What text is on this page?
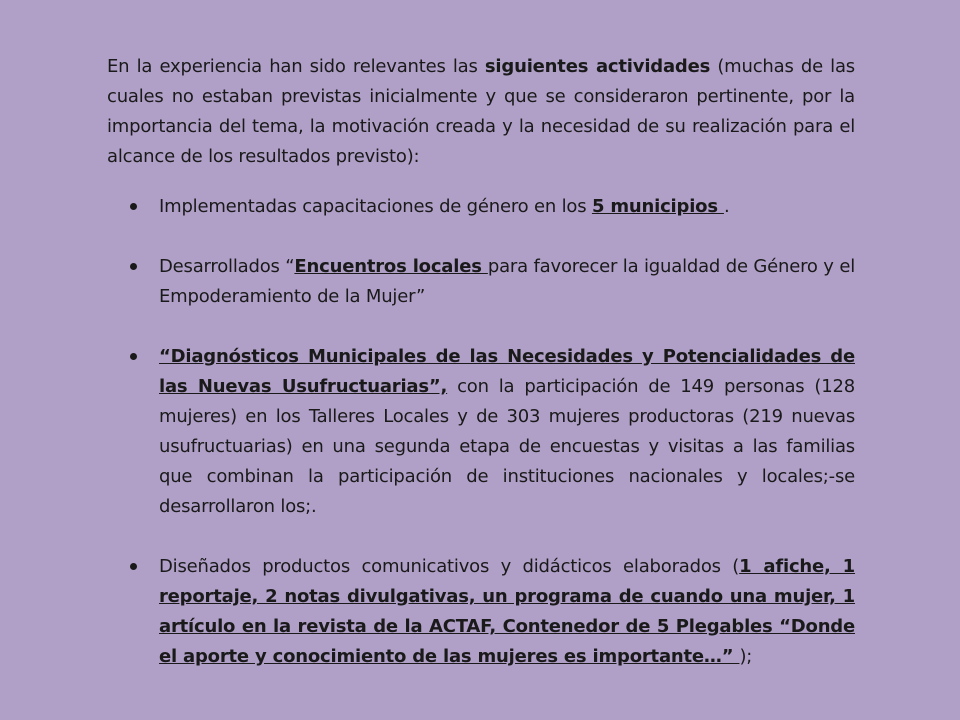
En la experiencia han sido relevantes las siguientes actividades (muchas de las cuales no estaban previstas inicialmente y que se consideraron pertinente, por la importancia del tema, la motivación creada y la necesidad de su realización para el alcance de los resultados previsto):

Implementadas capacitaciones de género en los 5 municipios .
Desarrollados “Encuentros locales para favorecer la igualdad de Género y el Empoderamiento de la Mujer”
“Diagnósticos Municipales de las Necesidades y Potencialidades de las Nuevas Usufructuarias”, con la participación de 149 personas (128 mujeres) en los Talleres Locales y de 303 mujeres productoras (219 nuevas usufructuarias) en una segunda etapa de encuestas y visitas a las familias que combinan la participación de instituciones nacionales y locales;-se desarrollaron los;.
Diseñados productos comunicativos y didácticos elaborados (1 afiche, 1 reportaje, 2 notas divulgativas, un programa de cuando una mujer, 1 artículo en la revista de la ACTAF, Contenedor de 5 Plegables “Donde el aporte y conocimiento de las mujeres es importante…” );
